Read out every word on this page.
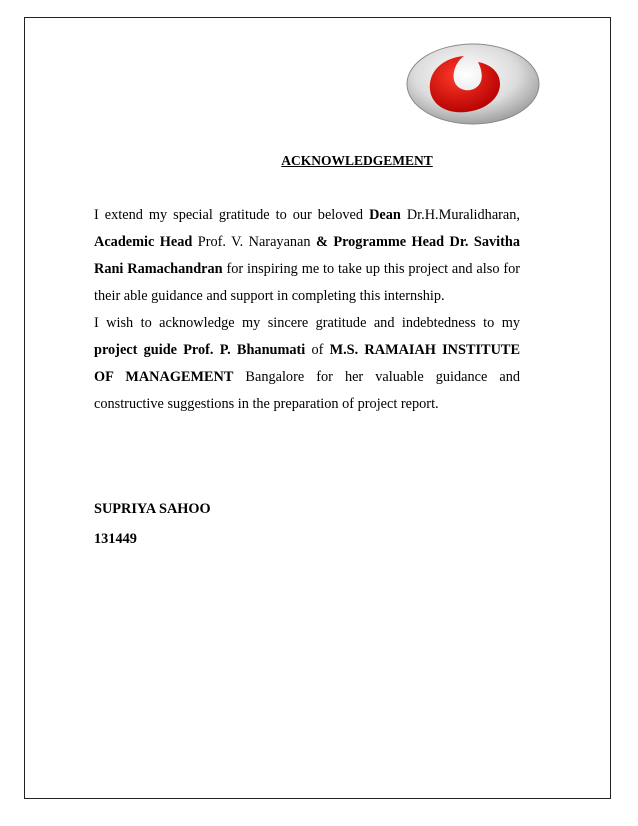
ACKNOWLEDGEMENT

I extend my special gratitude to our beloved Dean Dr.H.Muralidharan, Academic Head Prof. V. Narayanan & Programme Head Dr. Savitha Rani Ramachandran for inspiring me to take up this project and also for their able guidance and support in completing this internship.

I wish to acknowledge my sincere gratitude and indebtedness to my project guide Prof. P. Bhanumati of M.S. RAMAIAH INSTITUTE OF MANAGEMENT Bangalore for her valuable guidance and constructive suggestions in the preparation of project report.

SUPRIYA SAHOO
131449
